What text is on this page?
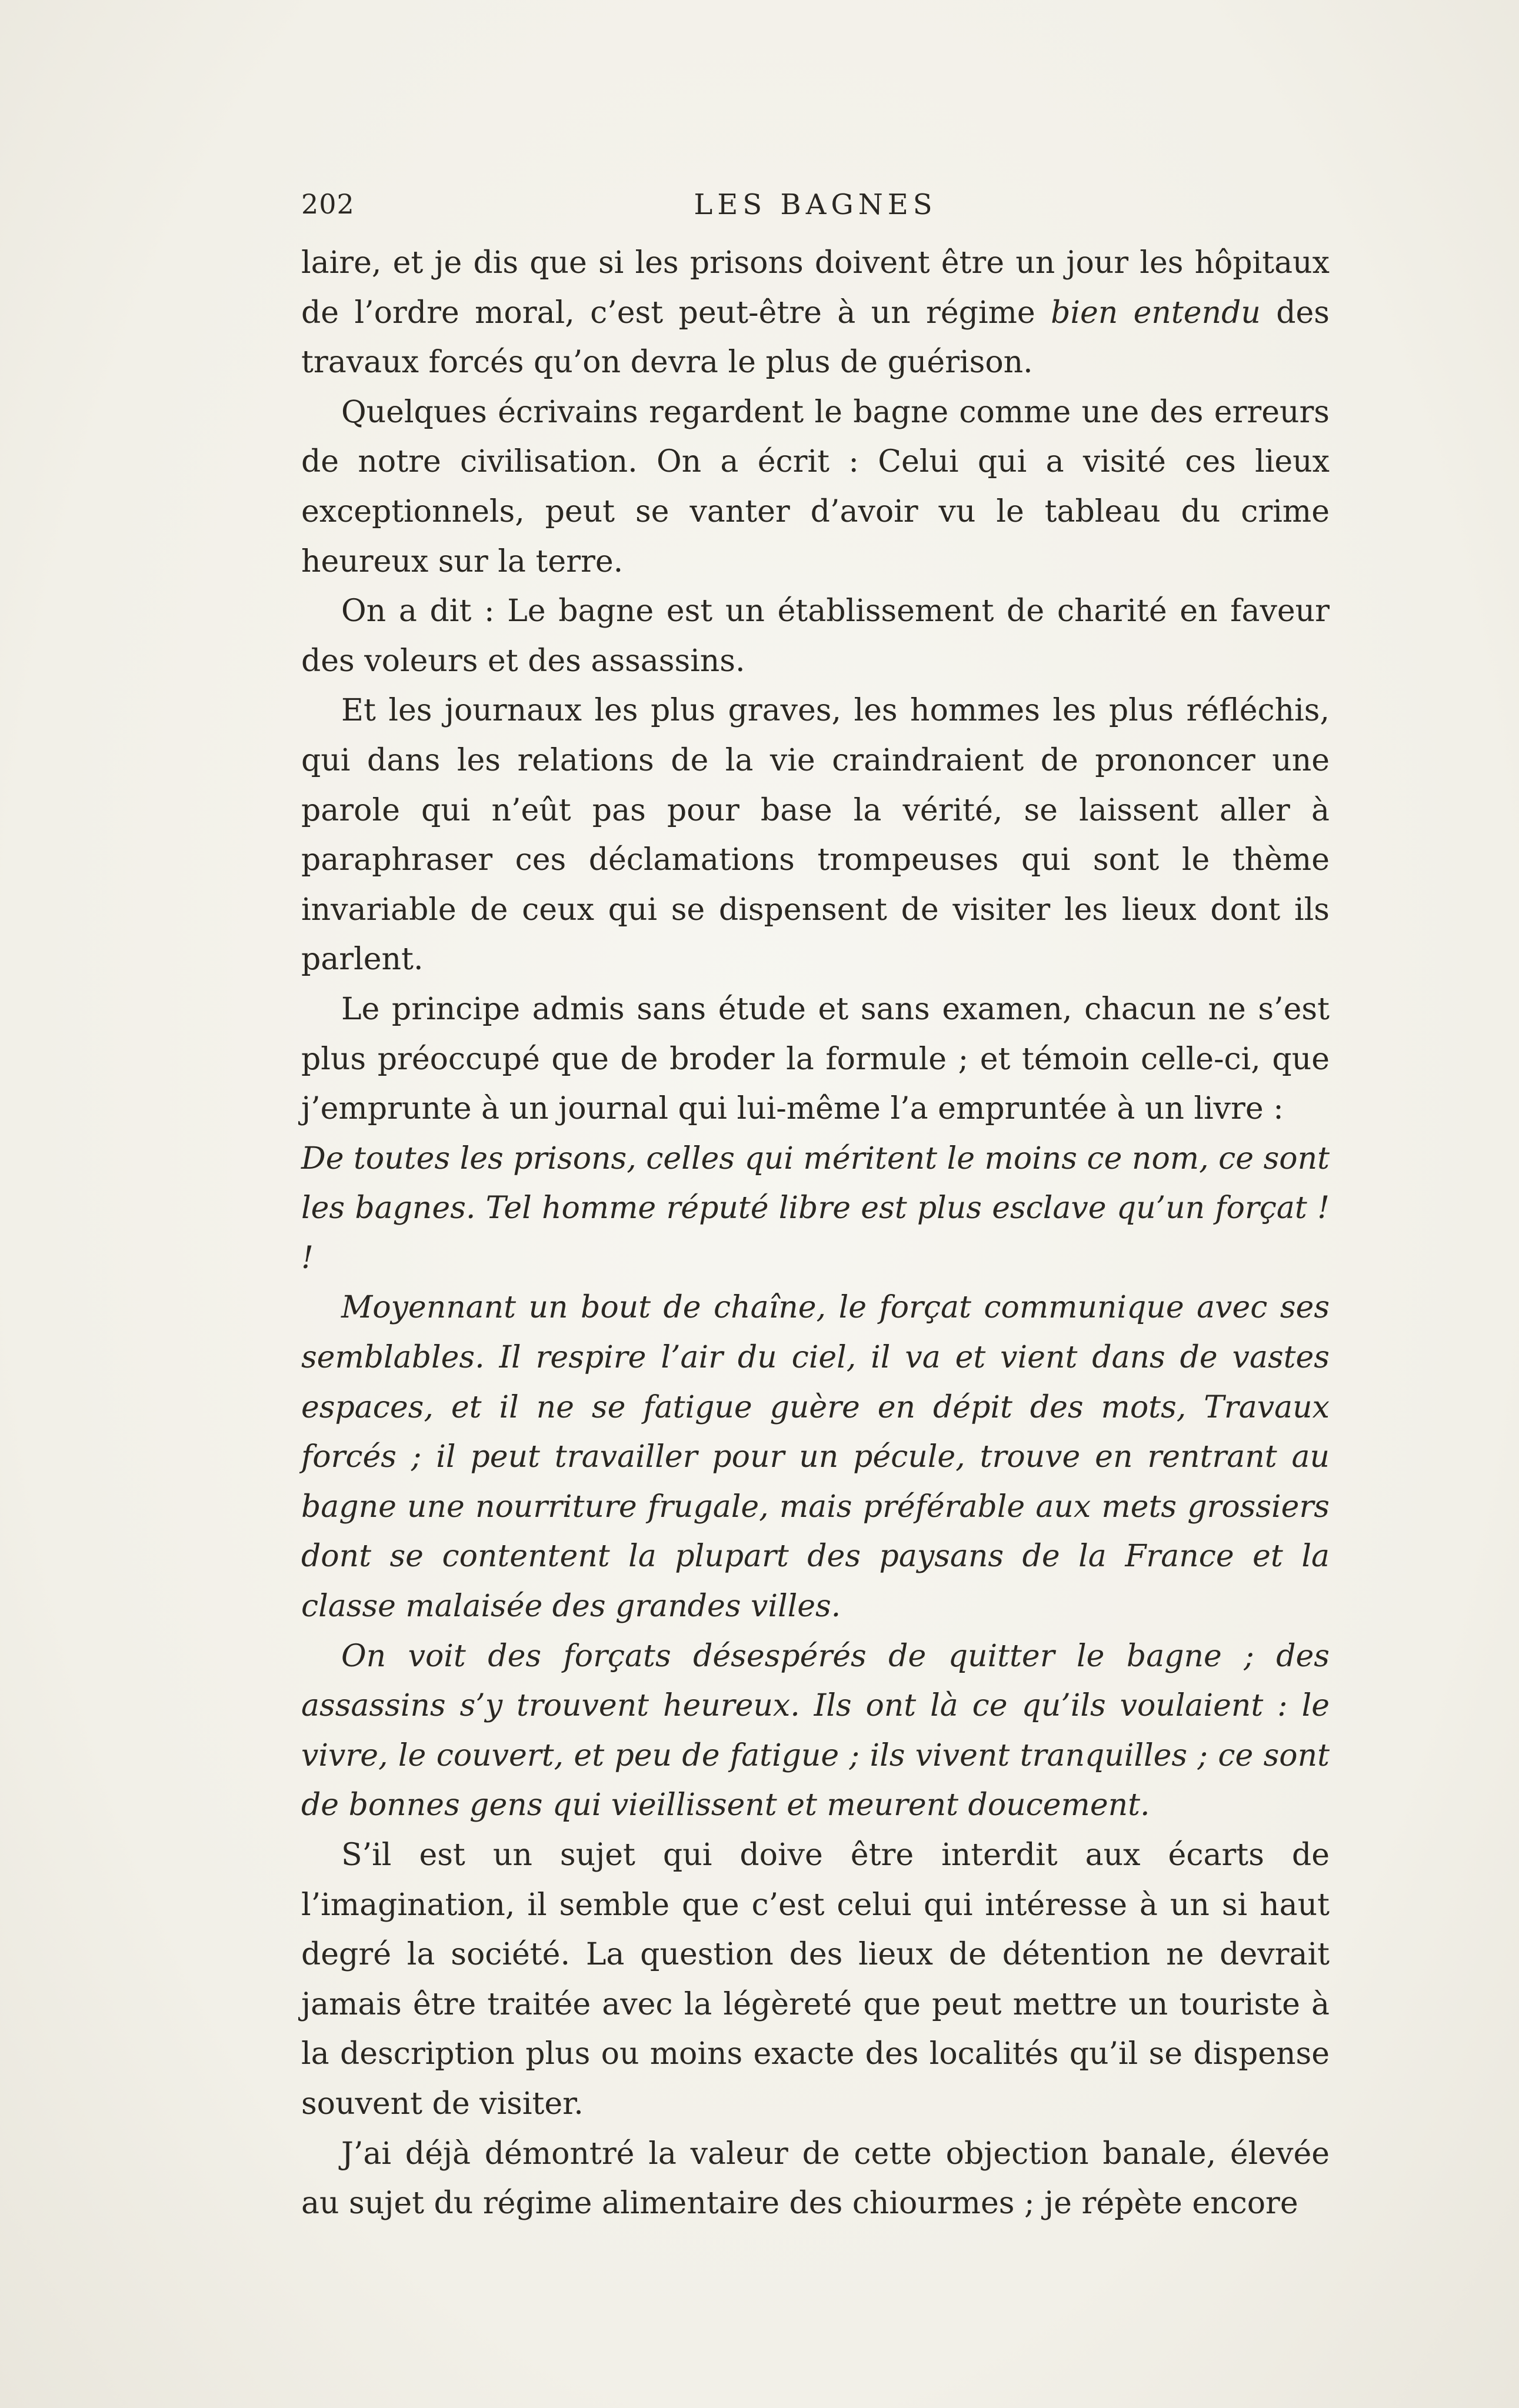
202	LES BAGNES

laire, et je dis que si les prisons doivent être un jour les hôpitaux de l’ordre moral, c’est peut-être à un régime bien entendu des travaux forcés qu’on devra le plus de guérison.

Quelques écrivains regardent le bagne comme une des erreurs de notre civilisation. On a écrit : Celui qui a visité ces lieux exceptionnels, peut se vanter d’avoir vu le tableau du crime heureux sur la terre.

On a dit : Le bagne est un établissement de charité en faveur des voleurs et des assassins.

Et les journaux les plus graves, les hommes les plus réfléchis, qui dans les relations de la vie craindraient de prononcer une parole qui n’eût pas pour base la vérité, se laissent aller à paraphraser ces déclamations trompeuses qui sont le thème invariable de ceux qui se dispensent de visiter les lieux dont ils parlent.

Le principe admis sans étude et sans examen, chacun ne s’est plus préoccupé que de broder la formule ; et témoin celle-ci, que j’emprunte à un journal qui lui-même l’a empruntée à un livre :

De toutes les prisons, celles qui méritent le moins ce nom, ce sont les bagnes. Tel homme réputé libre est plus esclave qu’un forçat ! !

Moyennant un bout de chaîne, le forçat communique avec ses semblables. Il respire l’air du ciel, il va et vient dans de vastes espaces, et il ne se fatigue guère en dépit des mots, Travaux forcés ; il peut travailler pour un pécule, trouve en rentrant au bagne une nourriture frugale, mais préférable aux mets grossiers dont se contentent la plupart des paysans de la France et la classe malaisée des grandes villes.

On voit des forçats désespérés de quitter le bagne ; des assassins s’y trouvent heureux. Ils ont là ce qu’ils voulaient : le vivre, le couvert, et peu de fatigue ; ils vivent tranquilles ; ce sont de bonnes gens qui vieillissent et meurent doucement.

S’il est un sujet qui doive être interdit aux écarts de l’imagination, il semble que c’est celui qui intéresse à un si haut degré la société. La question des lieux de détention ne devrait jamais être traitée avec la légèreté que peut mettre un touriste à la description plus ou moins exacte des localités qu’il se dispense souvent de visiter.

J’ai déjà démontré la valeur de cette objection banale, élevée au sujet du régime alimentaire des chiourmes ; je répète encore
